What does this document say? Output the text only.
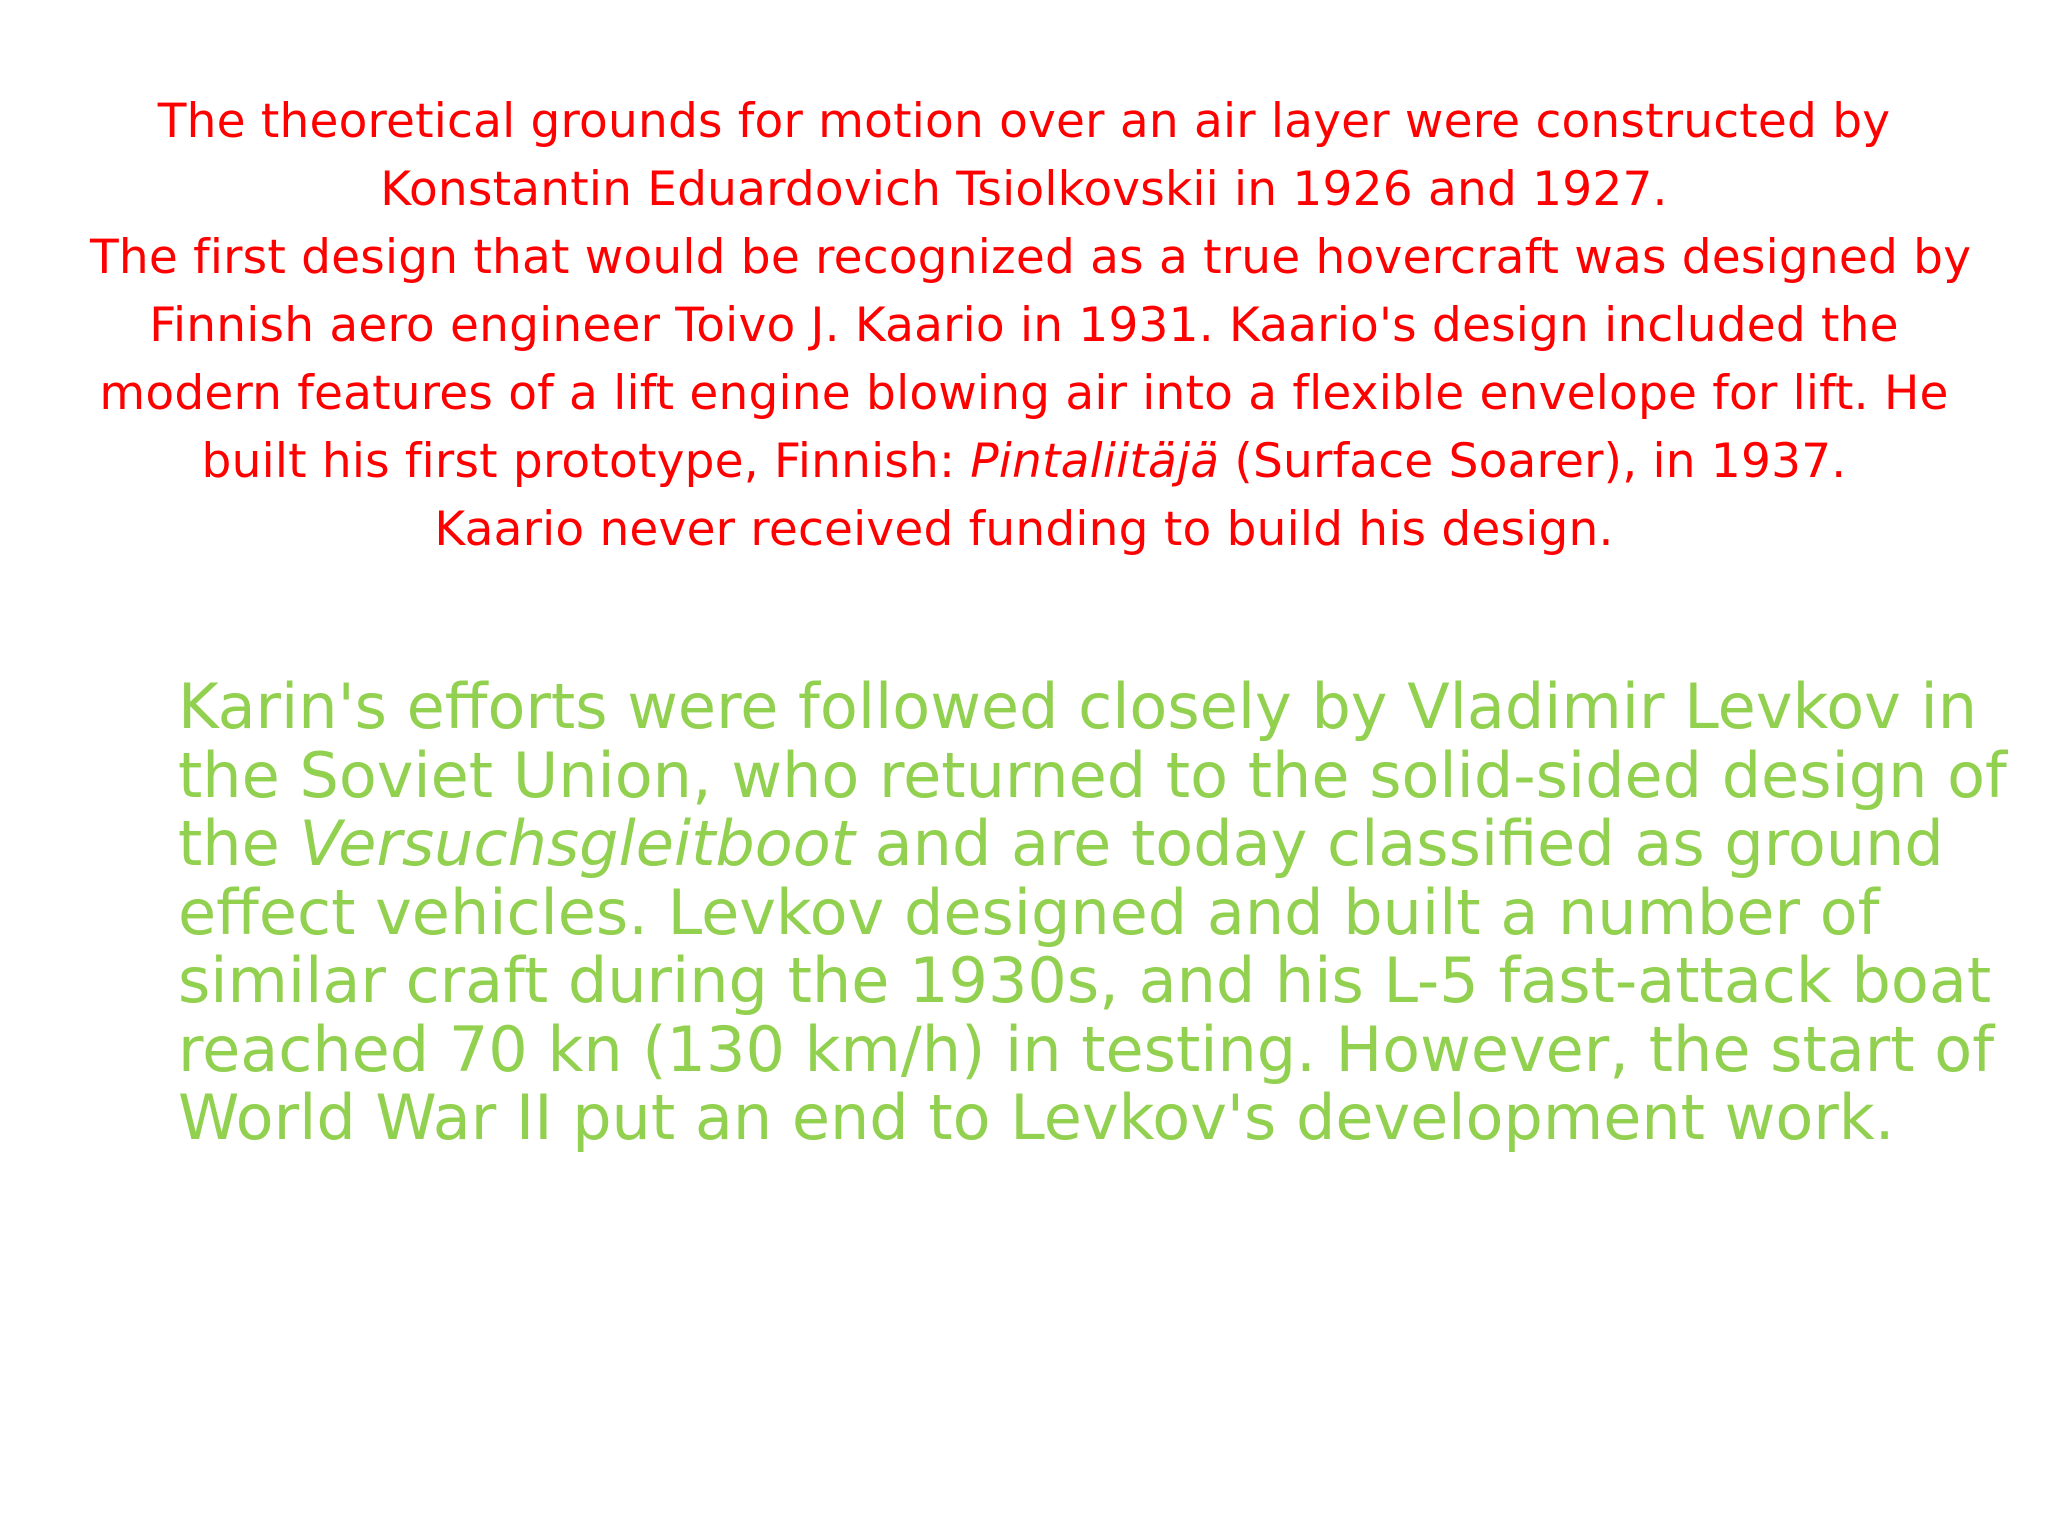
The theoretical grounds for motion over an air layer were constructed by
Konstantin Eduardovich Tsiolkovskii in 1926 and 1927.
The first design that would be recognized as a true hovercraft was designed by
Finnish aero engineer Toivo J. Kaario in 1931. Kaario's design included the
modern features of a lift engine blowing air into a flexible envelope for lift. He
built his first prototype, Finnish: Pintaliitäjä (Surface Soarer), in 1937.
Kaario never received funding to build his design.
Karin's efforts were followed closely by Vladimir Levkov in
the Soviet Union, who returned to the solid-sided design of
the Versuchsgleitboot and are today classified as ground
effect vehicles. Levkov designed and built a number of
similar craft during the 1930s, and his L-5 fast-attack boat
reached 70 kn (130 km/h) in testing. However, the start of
World War II put an end to Levkov's development work.
